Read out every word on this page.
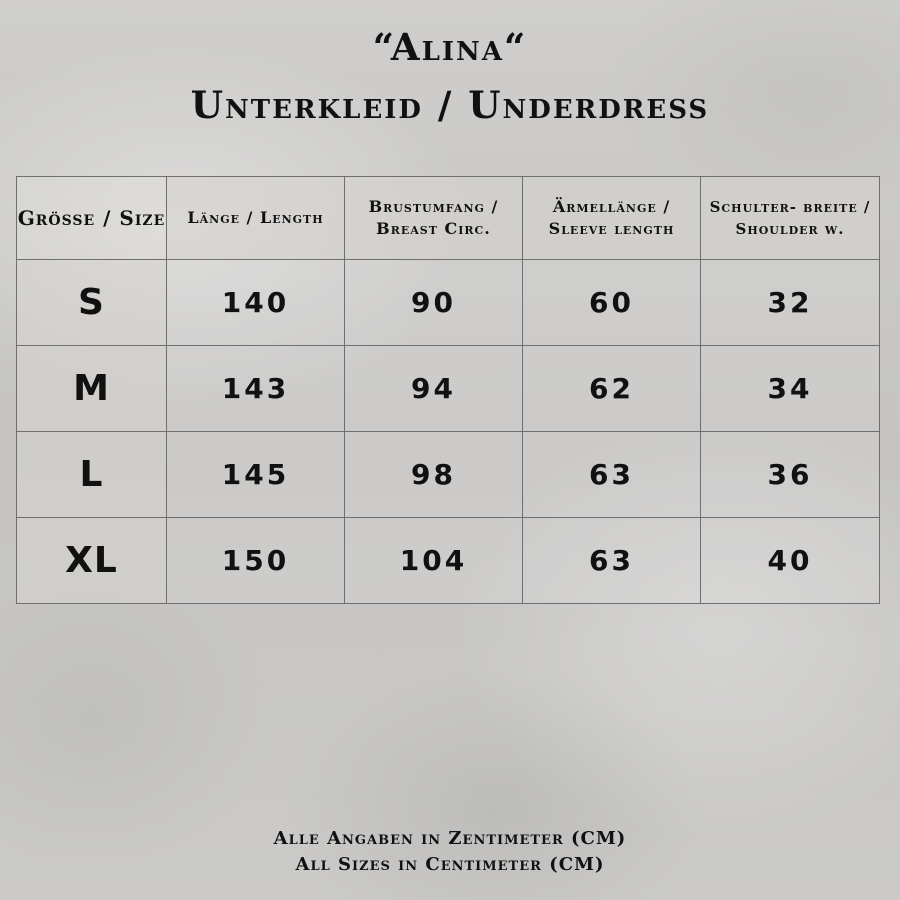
“Alina“
Unterkleid / Underdress
Grösse / Size	Länge / Length	Brustumfang / Breast Circ.	Ärmellänge / Sleeve length	Schulter- breite / Shoulder w.
S	140	90	60	32
M	143	94	62	34
L	145	98	63	36
XL	150	104	63	40
Alle Angaben in Zentimeter (CM)
All Sizes in Centimeter (CM)
